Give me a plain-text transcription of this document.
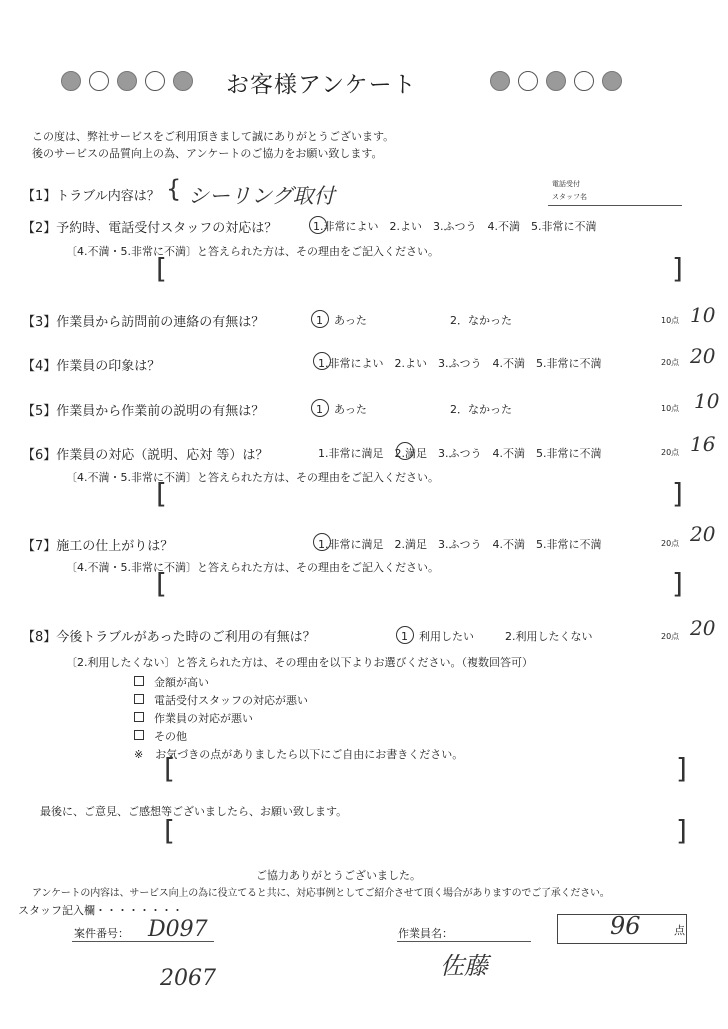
お客様アンケート
この度は、弊社サービスをご利用頂きまして誠にありがとうございます。
後のサービスの品質向上の為、アンケートのご協力をお願い致します。
電話受付
スタッフ名
【1】トラブル内容は？ { シーリング取付
【2】予約時、電話受付スタッフの対応は？	1.非常によい　2.よい　3.ふつう　4.不満　5.非常に不満
〔4.不満・5.非常に不満〕と答えられた方は、その理由をご記入ください。
[	]
【3】作業員から訪問前の連絡の有無は？	1　あった	2．なかった	10点 10
【4】作業員の印象は？	1.非常によい　2.よい　3.ふつう　4.不満　5.非常に不満	20点 20
【5】作業員から作業前の説明の有無は？	1　あった	2．なかった	10点 10
【6】作業員の対応（説明、応対 等）は？	1.非常に満足　2.満足　3.ふつう　4.不満　5.非常に不満	20点 16
〔4.不満・5.非常に不満〕と答えられた方は、その理由をご記入ください。
[	]
【7】施工の仕上がりは？	1.非常に満足　2.満足　3.ふつう　4.不満　5.非常に不満	20点 20
〔4.不満・5.非常に不満〕と答えられた方は、その理由をご記入ください。
[	]
【8】今後トラブルがあった時のご利用の有無は？	1　利用したい	2.利用したくない	20点 20
〔2.利用したくない〕と答えられた方は、その理由を以下よりお選びください。（複数回答可）
金額が高い
電話受付スタッフの対応が悪い
作業員の対応が悪い
その他
※ お気づきの点がありましたら以下にご自由にお書きください。
[	]
最後に、ご意見、ご感想等ございましたら、お願い致します。
[	]
ご協力ありがとうございました。
アンケートの内容は、サービス向上の為に役立てると共に、対応事例としてご紹介させて頂く場合がありますのでご了承ください。
スタッフ記入欄・・・・・・・・
案件番号： D097
2067
作業員名：
佐藤
96	点
